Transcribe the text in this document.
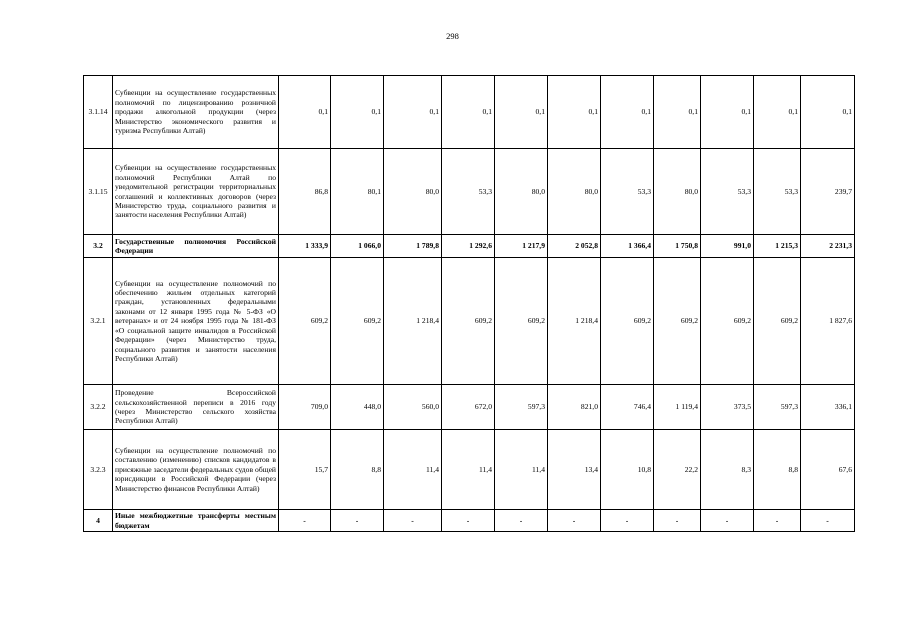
298
3.1.14	Субвенции на осуществление государственных полномочий по лицензированию розничной продажи алкогольной продукции (через Министерство экономического развития и туризма Республики Алтай)	0,1	0,1	0,1	0,1	0,1	0,1	0,1	0,1	0,1	0,1	0,1
3.1.15	Субвенции на осуществление государственных полномочий Республики Алтай по уведомительной регистрации территориальных соглашений и коллективных договоров (через Министерство труда, социального развития и занятости населения Республики Алтай)	86,8	80,1	80,0	53,3	80,0	80,0	53,3	80,0	53,3	53,3	239,7
3.2	Государственные полномочия Российской Федерации	1 333,9	1 066,0	1 789,8	1 292,6	1 217,9	2 052,8	1 366,4	1 750,8	991,0	1 215,3	2 231,3
3.2.1	Субвенции на осуществление полномочий по обеспечению жильем отдельных категорий граждан, установленных федеральными законами от 12 января 1995 года № 5-ФЗ «О ветеранах» и от 24 ноября 1995 года № 181-ФЗ «О социальной защите инвалидов в Российской Федерации» (через Министерство труда, социального развития и занятости населения Республики Алтай)	609,2	609,2	1 218,4	609,2	609,2	1 218,4	609,2	609,2	609,2	609,2	1 827,6
3.2.2	Проведение Всероссийской сельскохозяйственной переписи в 2016 году (через Министерство сельского хозяйства Республики Алтай)	709,0	448,0	560,0	672,0	597,3	821,0	746,4	1 119,4	373,5	597,3	336,1
3.2.3	Субвенции на осуществление полномочий по составлению (изменению) списков кандидатов в присяжные заседатели федеральных судов общей юрисдикции в Российской Федерации (через Министерство финансов Республики Алтай)	15,7	8,8	11,4	11,4	11,4	13,4	10,8	22,2	8,3	8,8	67,6
4	Иные межбюджетные трансферты местным бюджетам	-	-	-	-	-	-	-	-	-	-	-
